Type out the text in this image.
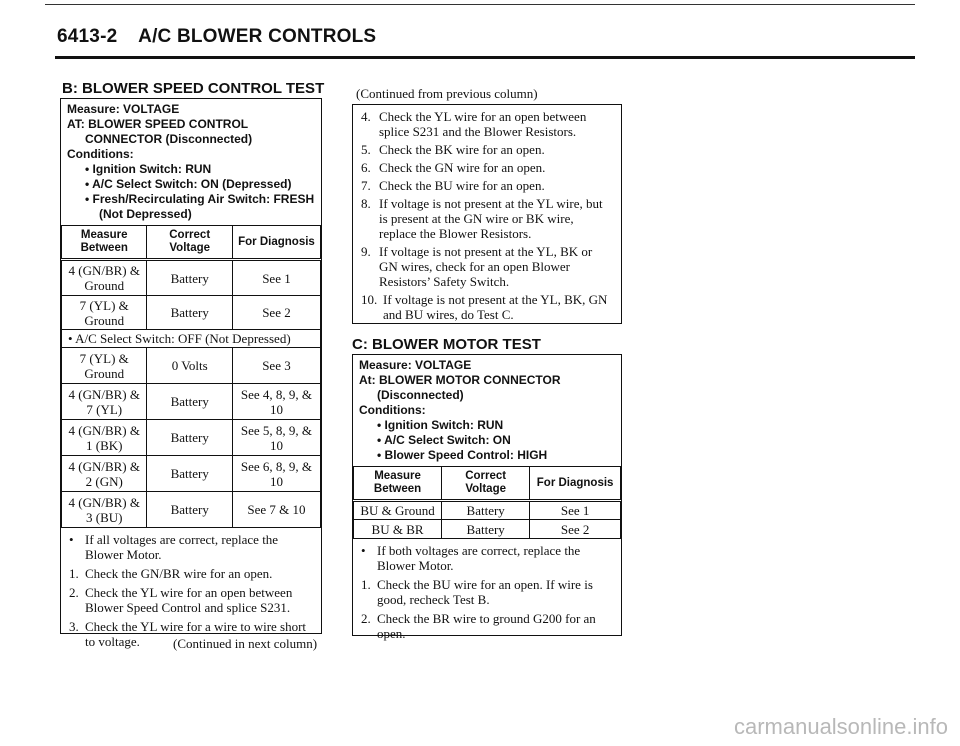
6413-2 A/C BLOWER CONTROLS
B: BLOWER SPEED CONTROL TEST
Measure: VOLTAGE
AT: BLOWER SPEED CONTROL
CONNECTOR (Disconnected)
Conditions:
• Ignition Switch: RUN
• A/C Select Switch: ON (Depressed)
• Fresh/Recirculating Air Switch: FRESH
(Not Depressed)
Measure Between	Correct Voltage	For Diagnosis
4 (GN/BR) & Ground	Battery	See 1
7 (YL) & Ground	Battery	See 2
• A/C Select Switch: OFF (Not Depressed)		
7 (YL) & Ground	0 Volts	See 3
4 (GN/BR) & 7 (YL)	Battery	See 4, 8, 9, & 10
4 (GN/BR) & 1 (BK)	Battery	See 5, 8, 9, & 10
4 (GN/BR) & 2 (GN)	Battery	See 6, 8, 9, & 10
4 (GN/BR) & 3 (BU)	Battery	See 7 & 10
• If all voltages are correct, replace the Blower Motor.
1. Check the GN/BR wire for an open.
2. Check the YL wire for an open between Blower Speed Control and splice S231.
3. Check the YL wire for a wire to wire short to voltage.	(Continued in next column)
(Continued from previous column)
4. Check the YL wire for an open between splice S231 and the Blower Resistors.
5. Check the BK wire for an open.
6. Check the GN wire for an open.
7. Check the BU wire for an open.
8. If voltage is not present at the YL wire, but is present at the GN wire or BK wire, replace the Blower Resistors.
9. If voltage is not present at the YL, BK or GN wires, check for an open Blower Resistors’ Safety Switch.
10. If voltage is not present at the YL, BK, GN and BU wires, do Test C.
C: BLOWER MOTOR TEST
Measure: VOLTAGE
At: BLOWER MOTOR CONNECTOR
(Disconnected)
Conditions:
• Ignition Switch: RUN
• A/C Select Switch: ON
• Blower Speed Control: HIGH
Measure Between	Correct Voltage	For Diagnosis
BU & Ground	Battery	See 1
BU & BR	Battery	See 2
• If both voltages are correct, replace the Blower Motor.
1. Check the BU wire for an open. If wire is good, recheck Test B.
2. Check the BR wire to ground G200 for an open.
carmanualsonline.info
